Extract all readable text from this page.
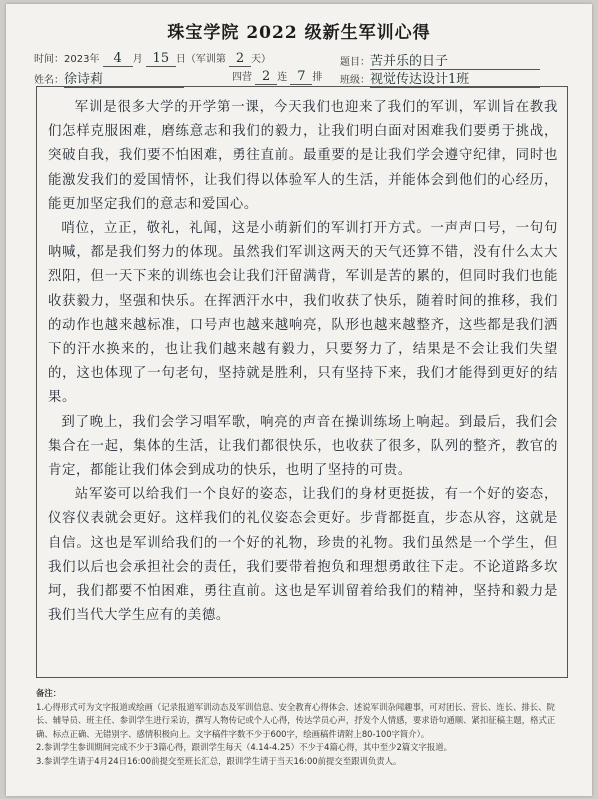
珠宝学院 2022 级新生军训心得
时间：2023年 4 月 15 日（军训第 2 天）	题目：苦并乐的日子
姓名：徐诗莉	四营 2 连 7 排 班级：视觉传达设计1班

军训是很多大学的开学第一课，今天我们也迎来了我们的军训，军训旨在教我们怎样克服困难，磨练意志和我们的毅力，让我们明白面对困难我们要勇于挑战，突破自我，我们要不怕困难，勇往直前。最重要的是让我们学会遵守纪律，同时也能激发我们的爱国情怀，让我们得以体验军人的生活，并能体会到他们的心经历，能更加坚定我们的意志和爱国心。

哨位，立正，敬礼，礼闻，这是小萌新们的军训打开方式。一声声口号，一句句呐喊，都是我们努力的体现。虽然我们军训这两天的天气还算不错，没有什么太大烈阳，但一天下来的训练也会让我们汗留满背，军训是苦的累的，但同时我们也能收获毅力，坚强和快乐。在挥洒汗水中，我们收获了快乐，随着时间的推移，我们的动作也越来越标准，口号声也越来越响亮，队形也越来越整齐，这些都是我们洒下的汗水换来的，也让我们越来越有毅力，只要努力了，结果是不会让我们失望的，这也体现了一句老句，坚持就是胜利，只有坚持下来，我们才能得到更好的结果。

到了晚上，我们会学习唱军歌，响亮的声音在操训练场上响起。到最后，我们会集合在一起，集体的生活，让我们都很快乐，也收获了很多，队列的整齐，教官的肯定，都能让我们体会到成功的快乐，也明了坚持的可贵。

站军姿可以给我们一个良好的姿态，让我们的身材更挺拔，有一个好的姿态，仪容仪表就会更好。这样我们的礼仪姿态会更好。步背都挺直，步态从容，这就是自信。这也是军训给我们的一个好的礼物，珍贵的礼物。我们虽然是一个学生，但我们以后也会承担社会的责任，我们要带着抱负和理想勇敢往下走。不论道路多坎坷，我们都要不怕困难，勇往直前。这也是军训留着给我们的精神，坚持和毅力是我们当代大学生应有的美德。

备注：
1.心得形式可为文字报道或绘画（记录报道军训动态及军训信息、安全教育心得体会、述说军训杂闻趣事，可对团长、营长、连长、排长、院长、辅导员、班主任、参训学生进行采访，撰写人物传记或个人心得，传达学员心声，抒发个人情感，要求语句通顺、紧扣征稿主题，格式正确、标点正确、无错别字、感情积极向上。文字稿件字数不少于600字，绘画稿件请附上80-100字简介）。
2.参训学生参训期间完成不少于3篇心得，跟训学生每天（4.14-4.25）不少于4篇心得，其中至少2篇文字报道。
3.参训学生请于4月24日16:00前提交至班长汇总，跟训学生请于当天16:00前提交至跟训负责人。
